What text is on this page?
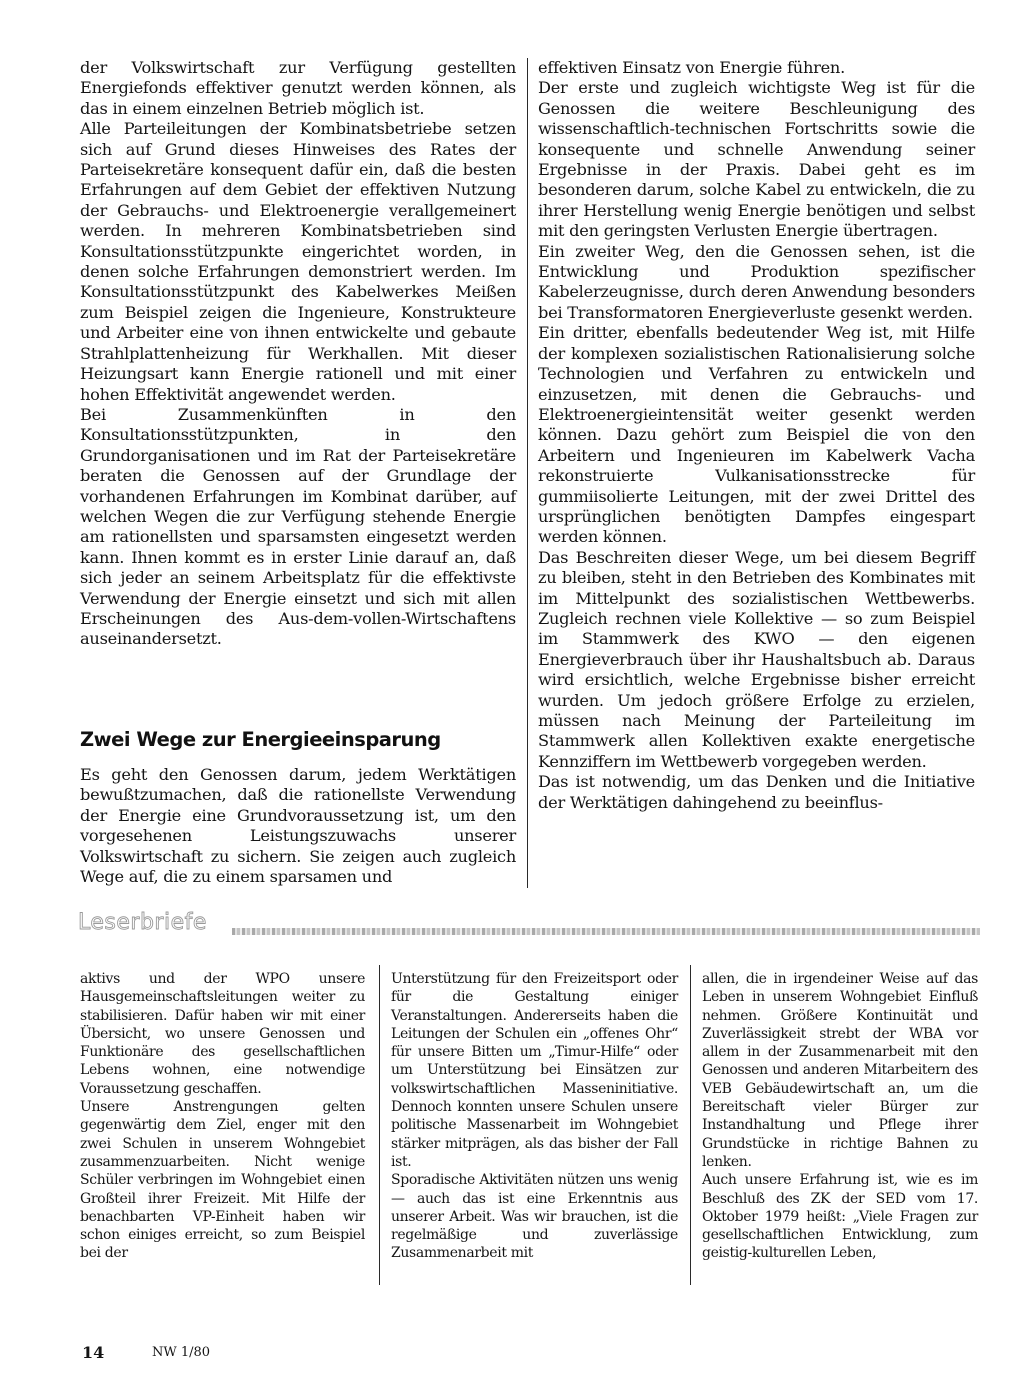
der Volkswirtschaft zur Verfügung gestellten Energiefonds effektiver genutzt werden können, als das in einem einzelnen Betrieb möglich ist.

Alle Parteileitungen der Kombinatsbetriebe setzen sich auf Grund dieses Hinweises des Rates der Parteisekretäre konsequent dafür ein, daß die besten Erfahrungen auf dem Gebiet der effektiven Nutzung der Gebrauchs- und Elektroenergie verallgemeinert werden. In mehreren Kombinatsbetrieben sind Konsultationsstützpunkte eingerichtet worden, in denen solche Erfahrungen demonstriert werden. Im Konsultationsstützpunkt des Kabelwerkes Meißen zum Beispiel zeigen die Ingenieure, Konstrukteure und Arbeiter eine von ihnen entwickelte und gebaute Strahlplattenheizung für Werkhallen. Mit dieser Heizungsart kann Energie rationell und mit einer hohen Effektivität angewendet werden.

Bei Zusammenkünften in den Konsultationsstützpunkten, in den Grundorganisationen und im Rat der Parteisekretäre beraten die Genossen auf der Grundlage der vorhandenen Erfahrungen im Kombinat darüber, auf welchen Wegen die zur Verfügung stehende Energie am rationellsten und sparsamsten eingesetzt werden kann. Ihnen kommt es in erster Linie darauf an, daß sich jeder an seinem Arbeitsplatz für die effektivste Verwendung der Energie einsetzt und sich mit allen Erscheinungen des Aus-dem-vollen-Wirtschaftens auseinandersetzt.

Zwei Wege zur Energieeinsparung

Es geht den Genossen darum, jedem Werktätigen bewußtzumachen, daß die rationellste Verwendung der Energie eine Grundvoraussetzung ist, um den vorgesehenen Leistungszuwachs unserer Volkswirtschaft zu sichern. Sie zeigen auch zugleich Wege auf, die zu einem sparsamen und

effektiven Einsatz von Energie führen.

Der erste und zugleich wichtigste Weg ist für die Genossen die weitere Beschleunigung des wissenschaftlich-technischen Fortschritts sowie die konsequente und schnelle Anwendung seiner Ergebnisse in der Praxis. Dabei geht es im besonderen darum, solche Kabel zu entwickeln, die zu ihrer Herstellung wenig Energie benötigen und selbst mit den geringsten Verlusten Energie übertragen.

Ein zweiter Weg, den die Genossen sehen, ist die Entwicklung und Produktion spezifischer Kabelerzeugnisse, durch deren Anwendung besonders bei Transformatoren Energieverluste gesenkt werden.

Ein dritter, ebenfalls bedeutender Weg ist, mit Hilfe der komplexen sozialistischen Rationalisierung solche Technologien und Verfahren zu entwickeln und einzusetzen, mit denen die Gebrauchs- und Elektroenergieintensität weiter gesenkt werden können. Dazu gehört zum Beispiel die von den Arbeitern und Ingenieuren im Kabelwerk Vacha rekonstruierte Vulkanisationsstrecke für gummiisolierte Leitungen, mit der zwei Drittel des ursprünglichen benötigten Dampfes eingespart werden können.

Das Beschreiten dieser Wege, um bei diesem Begriff zu bleiben, steht in den Betrieben des Kombinates mit im Mittelpunkt des sozialistischen Wettbewerbs. Zugleich rechnen viele Kollektive — so zum Beispiel im Stammwerk des KWO — den eigenen Energieverbrauch über ihr Haushaltsbuch ab. Daraus wird ersichtlich, welche Ergebnisse bisher erreicht wurden. Um jedoch größere Erfolge zu erzielen, müssen nach Meinung der Parteileitung im Stammwerk allen Kollektiven exakte energetische Kennziffern im Wettbewerb vorgegeben werden.

Das ist notwendig, um das Denken und die Initiative der Werktätigen dahingehend zu beeinflus-

Leserbriefe

aktivs und der WPO unsere Hausgemeinschaftsleitungen weiter zu stabilisieren. Dafür haben wir mit einer Übersicht, wo unsere Genossen und Funktionäre des gesellschaftlichen Lebens wohnen, eine notwendige Voraussetzung geschaffen.

Unsere Anstrengungen gelten gegenwärtig dem Ziel, enger mit den zwei Schulen in unserem Wohngebiet zusammenzuarbeiten. Nicht wenige Schüler verbringen im Wohngebiet einen Großteil ihrer Freizeit. Mit Hilfe der benachbarten VP-Einheit haben wir schon einiges erreicht, so zum Beispiel bei der

Unterstützung für den Freizeitsport oder für die Gestaltung einiger Veranstaltungen. Andererseits haben die Leitungen der Schulen ein „offenes Ohr“ für unsere Bitten um „Timur-Hilfe“ oder um Unterstützung bei Einsätzen zur volkswirtschaftlichen Masseninitiative. Dennoch konnten unsere Schulen unsere politische Massenarbeit im Wohngebiet stärker mitprägen, als das bisher der Fall ist.

Sporadische Aktivitäten nützen uns wenig — auch das ist eine Erkenntnis aus unserer Arbeit. Was wir brauchen, ist die regelmäßige und zuverlässige Zusammenarbeit mit

allen, die in irgendeiner Weise auf das Leben in unserem Wohngebiet Einfluß nehmen. Größere Kontinuität und Zuverlässigkeit strebt der WBA vor allem in der Zusammenarbeit mit den Genossen und anderen Mitarbeitern des VEB Gebäudewirtschaft an, um die Bereitschaft vieler Bürger zur Instandhaltung und Pflege ihrer Grundstücke in richtige Bahnen zu lenken.

Auch unsere Erfahrung ist, wie es im Beschluß des ZK der SED vom 17. Oktober 1979 heißt: „Viele Fragen zur gesellschaftlichen Entwicklung, zum geistig-kulturellen Leben,

14	NW 1/80
